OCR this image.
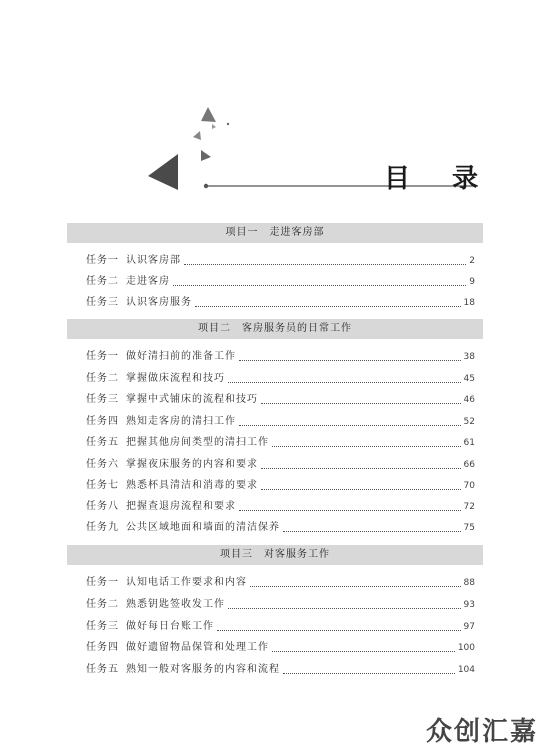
目录
项目一　走进客房部
任务一 认识客房部	2
任务二 走进客房	9
任务三 认识客房服务	18
项目二　客房服务员的日常工作
任务一 做好清扫前的准备工作	38
任务二 掌握做床流程和技巧	45
任务三 掌握中式铺床的流程和技巧	46
任务四 熟知走客房的清扫工作	52
任务五 把握其他房间类型的清扫工作	61
任务六 掌握夜床服务的内容和要求	66
任务七 熟悉杯具清洁和消毒的要求	70
任务八 把握查退房流程和要求	72
任务九 公共区域地面和墙面的清洁保养	75
项目三　对客服务工作
任务一 认知电话工作要求和内容	88
任务二 熟悉钥匙签收发工作	93
任务三 做好每日台账工作	97
任务四 做好遗留物品保管和处理工作	100
任务五 熟知一般对客服务的内容和流程	104
众创汇嘉
